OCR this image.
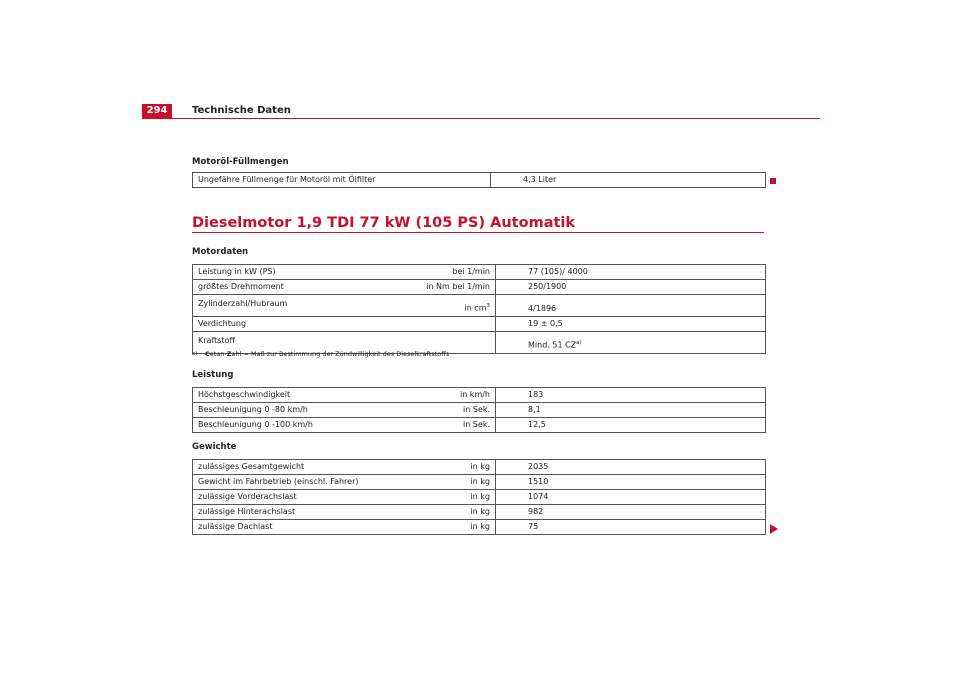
294	Technische Daten
Motoröl-Füllmengen
Ungefähre Füllmenge für Motoröl mit Ölfilter	4,3 Liter
Dieselmotor 1,9 TDI 77 kW (105 PS) Automatik
Motordaten
Leistung in kW (PS)	bei 1/min	77 (105)/ 4000
größtes Drehmoment	in Nm bei 1/min	250/1900
Zylinderzahl/Hubraum	in $cm^3$	4/1896
Verdichtung		19 ± 0,5
Kraftstoff		Mind. 51 CZ$^{a)}$
$^{a)}$ Cetan-Zahl = Maß zur Bestimmung der Zündwilligkeit des Dieselkraftstoffs
Leistung
Höchstgeschwindigkeit	in km/h	183
Beschleunigung 0 -80 km/h	in Sek.	8,1
Beschleunigung 0 -100 km/h	in Sek.	12,5
Gewichte
zulässiges Gesamtgewicht	in kg	2035
Gewicht im Fahrbetrieb (einschl. Fahrer)	in kg	1510
zulässige Vorderachslast	in kg	1074
zulässige Hinterachslast	in kg	982
zulässige Dachlast	in kg	75
